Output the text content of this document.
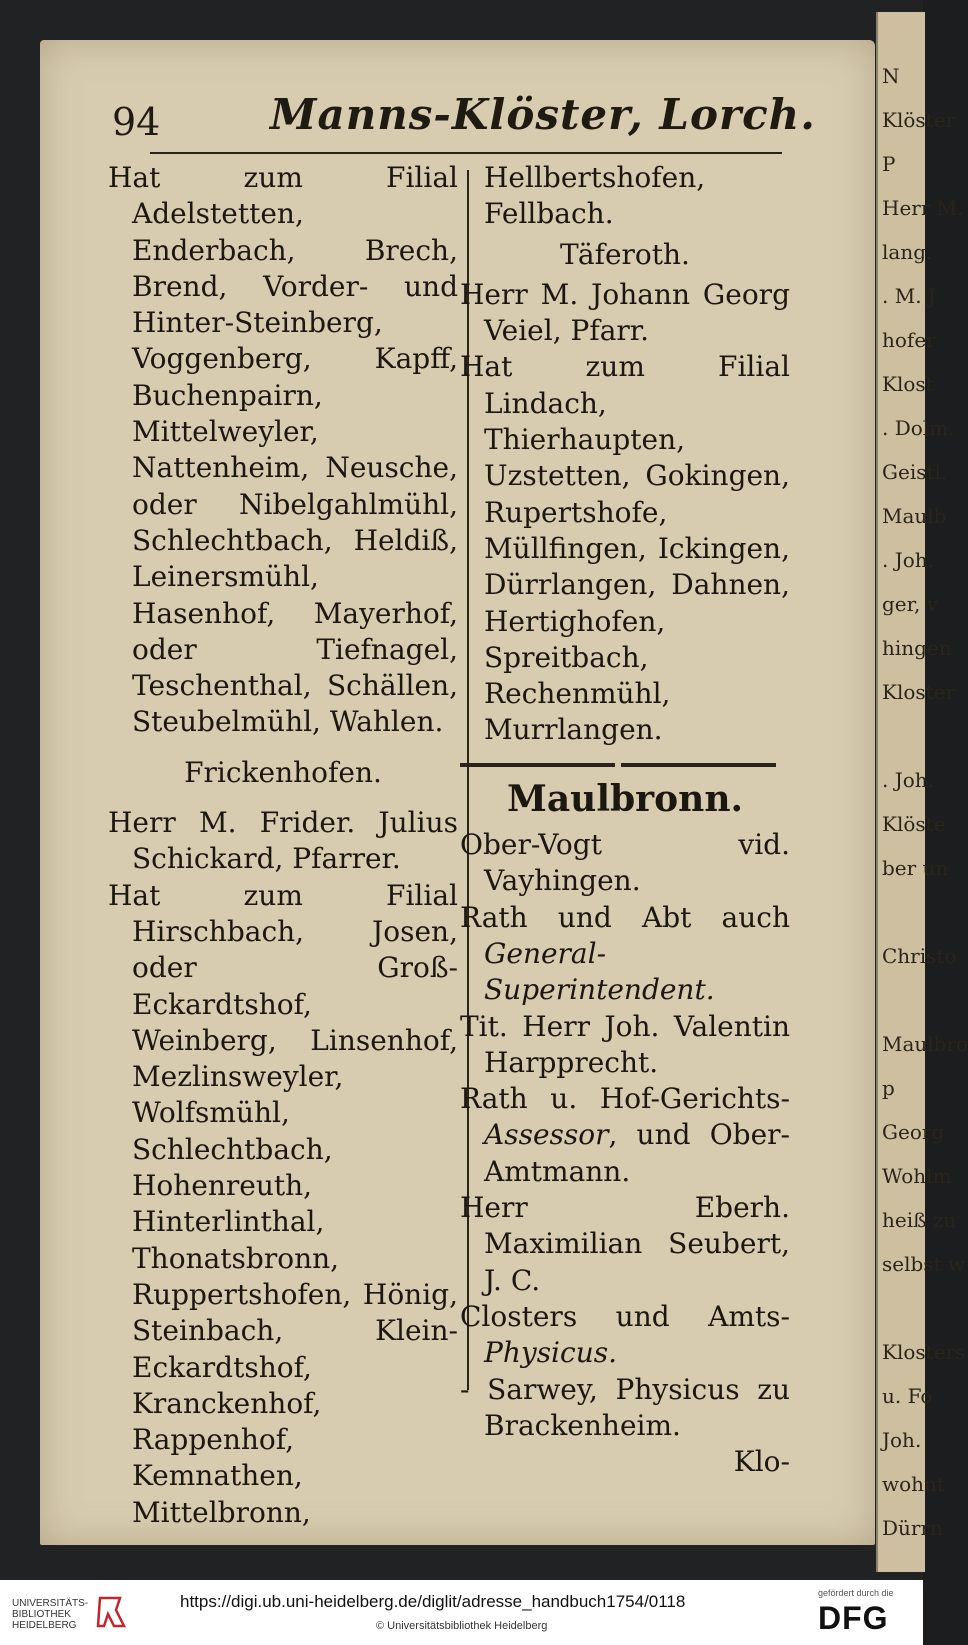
N
Klöster
P
Herr M.
lang.
. M. J
hofer
Klost
. Dolm.
Geistl.
Maulb
. Joh.
ger, v
hingen
Kloster
. Joh.
Klöste
ber un
Christo
Maulbro
p
Georg
Wohlm
heiß zu
selbst w
Klosters
u. Fo
Joh.
wohnt
Dürrn
94	Manns-Klöster, Lorch.

Hat zum Filial Adelstetten, Enderbach, Brech, Brend, Vorder- und Hinter-Steinberg, Voggenberg, Kapff, Buchenpairn, Mittelweyler, Nattenheim, Neusche, oder Nibelgahlmühl, Schlechtbach, Heldiß, Leinersmühl, Hasenhof, Mayerhof, oder Tiefnagel, Teschenthal, Schällen, Steubelmühl, Wahlen.

Frickenhofen.

Herr M. Frider. Julius Schickard, Pfarrer.

Hat zum Filial Hirschbach, Josen, oder Groß-Eckardtshof, Weinberg, Linsenhof, Mezlinsweyler, Wolfsmühl, Schlechtbach, Hohenreuth, Hinterlinthal, Thonatsbronn, Ruppertshofen, Hönig, Steinbach, Klein-Eckardtshof, Kranckenhof, Rappenhof, Kemnathen, Mittelbronn,

Hellbertshofen, Fellbach.

Täferoth.

Herr M. Johann Georg Veiel, Pfarr.

Hat zum Filial Lindach, Thierhaupten, Uzstetten, Gokingen, Rupertshofe, Müllfingen, Ickingen, Dürrlangen, Dahnen, Hertighofen, Spreitbach, Rechenmühl, Murrlangen.

Maulbronn.

Ober-Vogt vid. Vayhingen.

Rath und Abt auch General-Superintendent.

Tit. Herr Joh. Valentin Harpprecht.

Rath u. Hof-Gerichts-Assessor, und Ober-Amtmann.

Herr Eberh. Maximilian Seubert, J. C.

Closters und Amts- Physicus.

- Sarwey, Physicus zu Brackenheim.

Klo-

UNIVERSITÄTS-BIBLIOTHEK HEIDELBERG
https://digi.ub.uni-heidelberg.de/diglit/adresse_handbuch1754/0118
© Universitätsbibliothek Heidelberg
gefördert durch die
DFG
